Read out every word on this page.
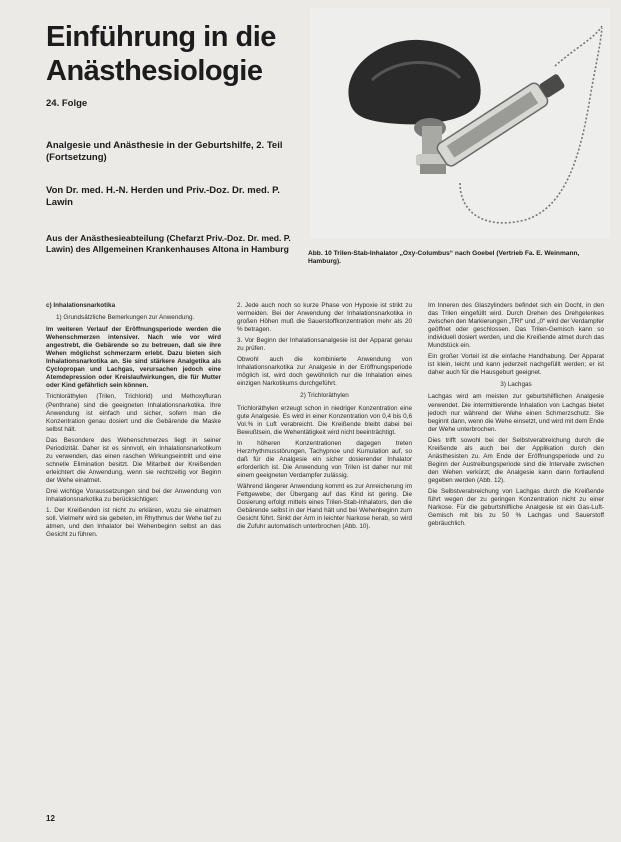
Einführung in die Anästhesiologie
24. Folge
Analgesie und Anästhesie in der Geburtshilfe, 2. Teil (Fortsetzung)
Von Dr. med. H.-N. Herden und Priv.-Doz. Dr. med. P. Lawin
Aus der Anästhesieabteilung (Chefarzt Priv.-Doz. Dr. med. P. Lawin) des Allgemeinen Krankenhauses Altona in Hamburg	Abb. 10 Trilen-Stab-Inhalator „Oxy-Columbus“ nach Goebel (Vertrieb Fa. E. Weinmann, Hamburg).

c) Inhalationsnarkotika

1) Grundsätzliche Bemerkungen zur Anwendung.

Im weiteren Verlauf der Eröffnungsperiode werden die Wehenschmerzen intensiver. Nach wie vor wird angestrebt, die Gebärende so zu betreuen, daß sie ihre Wehen möglichst schmerzarm erlebt. Dazu bieten sich Inhalationsnarkotika an. Sie sind stärkere Analgetika als Cyclopropan und Lachgas, verursachen jedoch eine Atemdepression oder Kreislaufwirkungen, die für Mutter oder Kind gefährlich sein können.

Trichloräthylen (Trilen, Trichlorid) und Methoxyfluran (Penthrane) sind die geeigneten Inhalationsnarkotika. Ihre Anwendung ist einfach und sicher, sofern man die Konzentration genau dosiert und die Gebärende die Maske selbst hält.

Das Besondere des Wehenschmerzes liegt in seiner Periodizität. Daher ist es sinnvoll, ein Inhalationsnarkotikum zu verwenden, das einen raschen Wirkungseintritt und eine schnelle Elimination besitzt. Die Mitarbeit der Kreißenden erleichtert die Anwendung, wenn sie rechtzeitig vor Beginn der Wehe einatmet.

Drei wichtige Voraussetzungen sind bei der Anwendung von Inhalationsnarkotika zu berücksichtigen:

1. Der Kreißenden ist nicht zu erklären, wozu sie einatmen soll. Vielmehr wird sie gebeten, im Rhythmus der Wehe tief zu atmen, und den Inhalator bei Wehenbeginn selbst an das Gesicht zu führen.

2. Jede auch noch so kurze Phase von Hypoxie ist strikt zu vermeiden. Bei der Anwendung der Inhalationsnarkotika in großen Höhen muß die Sauerstoffkonzentration mehr als 20 % betragen.

3. Vor Beginn der Inhalationsanalgesie ist der Apparat genau zu prüfen.

Obwohl auch die kombinierte Anwendung von Inhalationsnarkotika zur Analgesie in der Eröffnungsperiode möglich ist, wird doch gewöhnlich nur die Inhalation eines einzigen Narkotikums durchgeführt.

2) Trichloräthylen

Trichloräthylen erzeugt schon in niedriger Konzentration eine gute Analgesie. Es wird in einer Konzentration von 0,4 bis 0,6 Vol.% in Luft verabreicht. Die Kreißende bleibt dabei bei Bewußtsein, die Wehentätigkeit wird nicht beeinträchtigt.

In höheren Konzentrationen dagegen treten Herzrhythmusstörungen, Tachypnoe und Kumulation auf, so daß für die Analgesie ein sicher dosierender Inhalator erforderlich ist. Die Anwendung von Trilen ist daher nur mit einem geeigneten Verdampfer zulässig.

Während längerer Anwendung kommt es zur Anreicherung im Fettgewebe; der Übergang auf das Kind ist gering. Die Dosierung erfolgt mittels eines Trilen-Stab-Inhalators, den die Gebärende selbst in der Hand hält und bei Wehenbeginn zum Gesicht führt. Sinkt der Arm in leichter Narkose herab, so wird die Zufuhr automatisch unterbrochen (Abb. 10).

Im Inneren des Glaszylinders befindet sich ein Docht, in den das Trilen eingefüllt wird. Durch Drehen des Drehgelenkes zwischen den Markierungen „TRI“ und „0“ wird der Verdampfer geöffnet oder geschlossen. Das Trilen-Gemisch kann so individuell dosiert werden, und die Kreißende atmet durch das Mundstück ein.

Ein großer Vorteil ist die einfache Handhabung. Der Apparat ist klein, leicht und kann jederzeit nachgefüllt werden; er ist daher auch für die Hausgeburt geeignet.

3) Lachgas

Lachgas wird am meisten zur geburtshilflichen Analgesie verwendet. Die intermittierende Inhalation von Lachgas bietet jedoch nur während der Wehe einen Schmerzschutz. Sie beginnt dann, wenn die Wehe einsetzt, und wird mit dem Ende der Wehe unterbrochen.

Dies trifft sowohl bei der Selbstverabreichung durch die Kreißende als auch bei der Applikation durch den Anästhesisten zu. Am Ende der Eröffnungsperiode und zu Beginn der Austreibungsperiode sind die Intervalle zwischen den Wehen verkürzt; die Analgesie kann dann fortlaufend gegeben werden (Abb. 12).

Die Selbstverabreichung von Lachgas durch die Kreißende führt wegen der zu geringen Konzentration nicht zu einer Narkose. Für die geburtshilfliche Analgesie ist ein Gas-Luft-Gemisch mit bis zu 50 % Lachgas und Sauerstoff gebräuchlich.

12
